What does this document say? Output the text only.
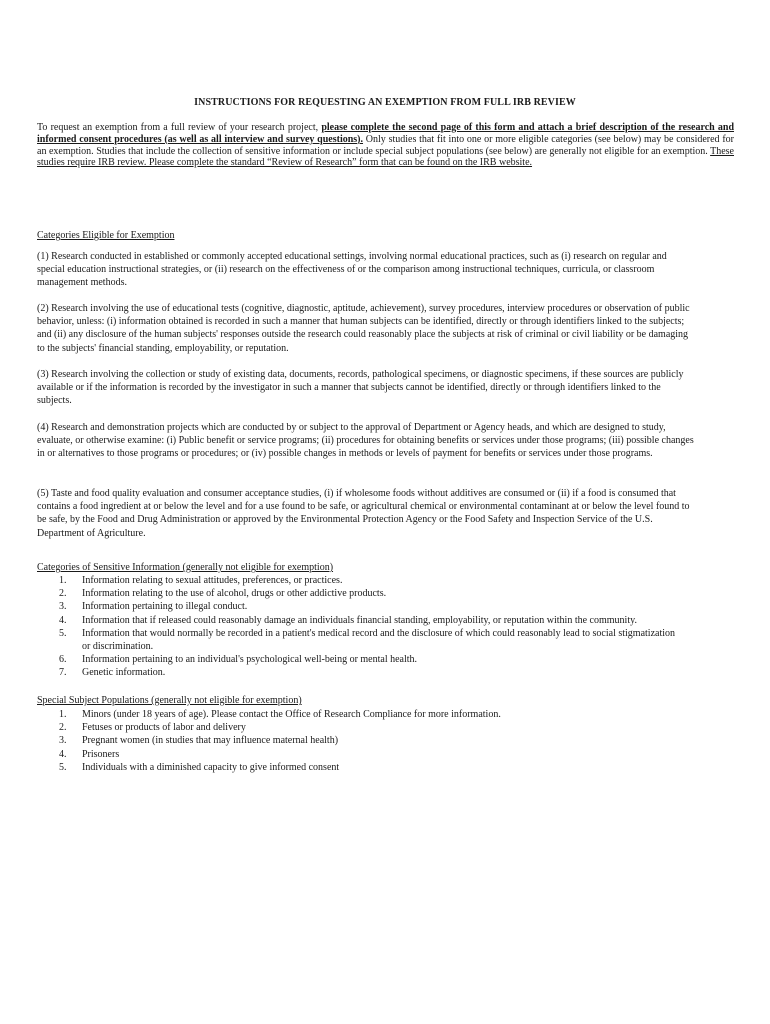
INSTRUCTIONS FOR REQUESTING AN EXEMPTION FROM FULL IRB REVIEW
To request an exemption from a full review of your research project, please complete the second page of this form and attach a brief description of the research and informed consent procedures (as well as all interview and survey questions). Only studies that fit into one or more eligible categories (see below) may be considered for an exemption. Studies that include the collection of sensitive information or include special subject populations (see below) are generally not eligible for an exemption. These studies require IRB review. Please complete the standard “Review of Research” form that can be found on the IRB website.
Categories Eligible for Exemption
(1) Research conducted in established or commonly accepted educational settings, involving normal educational practices, such as (i) research on regular and special education instructional strategies, or (ii) research on the effectiveness of or the comparison among instructional techniques, curricula, or classroom management methods.
(2) Research involving the use of educational tests (cognitive, diagnostic, aptitude, achievement), survey procedures, interview procedures or observation of public behavior, unless: (i) information obtained is recorded in such a manner that human subjects can be identified, directly or through identifiers linked to the subjects; and (ii) any disclosure of the human subjects' responses outside the research could reasonably place the subjects at risk of criminal or civil liability or be damaging to the subjects' financial standing, employability, or reputation.
(3) Research involving the collection or study of existing data, documents, records, pathological specimens, or diagnostic specimens, if these sources are publicly available or if the information is recorded by the investigator in such a manner that subjects cannot be identified, directly or through identifiers linked to the subjects.
(4) Research and demonstration projects which are conducted by or subject to the approval of Department or Agency heads, and which are designed to study, evaluate, or otherwise examine: (i) Public benefit or service programs; (ii) procedures for obtaining benefits or services under those programs; (iii) possible changes in or alternatives to those programs or procedures; or (iv) possible changes in methods or levels of payment for benefits or services under those programs.
(5) Taste and food quality evaluation and consumer acceptance studies, (i) if wholesome foods without additives are consumed or (ii) if a food is consumed that contains a food ingredient at or below the level and for a use found to be safe, or agricultural chemical or environmental contaminant at or below the level found to be safe, by the Food and Drug Administration or approved by the Environmental Protection Agency or the Food Safety and Inspection Service of the U.S. Department of Agriculture.
Categories of Sensitive Information (generally not eligible for exemption)
1.	Information relating to sexual attitudes, preferences, or practices.
2.	Information relating to the use of alcohol, drugs or other addictive products.
3.	Information pertaining to illegal conduct.
4.	Information that if released could reasonably damage an individuals financial standing, employability, or reputation within the community.
5.	Information that would normally be recorded in a patient's medical record and the disclosure of which could reasonably lead to social stigmatization or discrimination.
6.	Information pertaining to an individual's psychological well-being or mental health.
7.	Genetic information.
Special Subject Populations (generally not eligible for exemption)
1.	Minors (under 18 years of age). Please contact the Office of Research Compliance for more information.
2.	Fetuses or products of labor and delivery
3.	Pregnant women (in studies that may influence maternal health)
4.	Prisoners
5.	Individuals with a diminished capacity to give informed consent
